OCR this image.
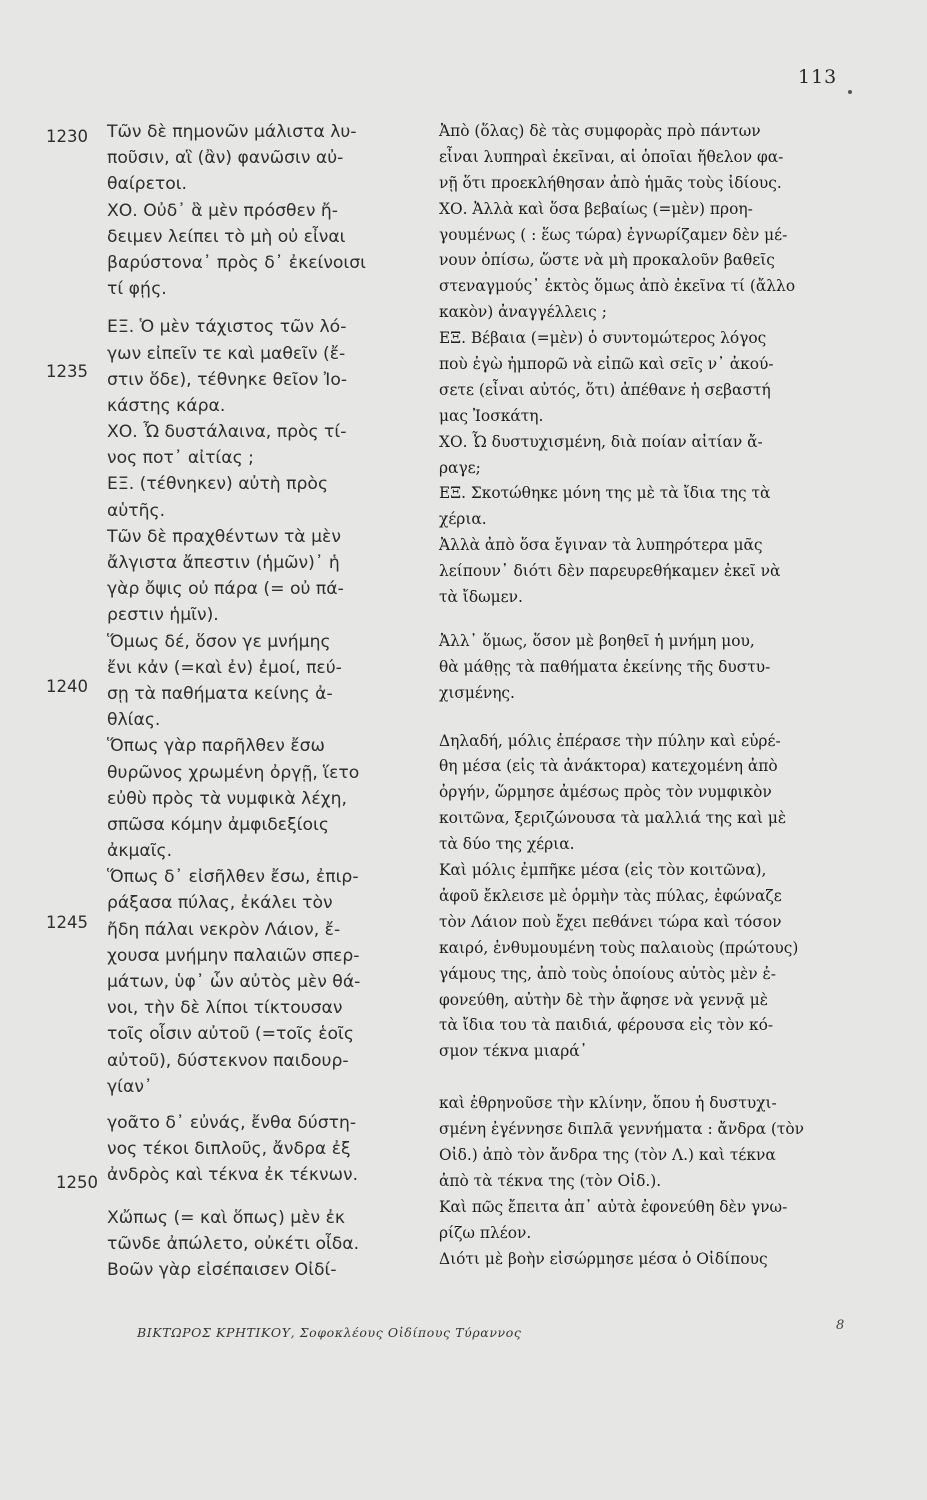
113
1230
1235
1240
1245
1250
Τῶν δὲ πημονῶν μάλιστα λυ-
ποῦσιν, αἳ (ἂν) φανῶσιν αὐ-
θαίρετοι.
ΧΟ. Οὐδ᾽ ἃ μὲν πρόσθεν ἤ-
δειμεν λείπει τὸ μὴ οὐ εἶναι
βαρύστονα᾽ πρὸς δ᾽ ἐκείνοισι
τί φῄς.
ΕΞ. Ὁ μὲν τάχιστος τῶν λό-
γων εἰπεῖν τε καὶ μαθεῖν (ἔ-
στιν ὅδε), τέθνηκε θεῖον Ἰο-
κάστης κάρα.
ΧΟ. Ὦ δυστάλαινα, πρὸς τί-
νος ποτ᾽ αἰτίας ;
ΕΞ. (τέθνηκεν) αὐτὴ πρὸς
αὑτῆς.
Τῶν δὲ πραχθέντων τὰ μὲν
ἄλγιστα ἄπεστιν (ἡμῶν)᾽ ἡ
γὰρ ὄψις οὐ πάρα (= οὐ πά-
ρεστιν ἡμῖν).
Ὅμως δέ, ὅσον γε μνήμης
ἔνι κἀν (=καὶ ἐν) ἐμοί, πεύ-
σῃ τὰ παθήματα κείνης ἀ-
θλίας.
Ὅπως γὰρ παρῆλθεν ἔσω
θυρῶνος χρωμένη ὀργῇ, ἵετο
εὐθὺ πρὸς τὰ νυμφικὰ λέχη,
σπῶσα κόμην ἀμφιδεξίοις
ἀκμαῖς.
Ὅπως δ᾽ εἰσῆλθεν ἔσω, ἐπιρ-
ράξασα πύλας, ἐκάλει τὸν
ἤδη πάλαι νεκρὸν Λάιον, ἔ-
χουσα μνήμην παλαιῶν σπερ-
μάτων, ὑφ᾽ ὧν αὐτὸς μὲν θά-
νοι, τὴν δὲ λίποι τίκτουσαν
τοῖς οἷσιν αὐτοῦ (=τοῖς ἑοῖς
αὐτοῦ), δύστεκνον παιδουρ-
γίαν᾽
γοᾶτο δ᾽ εὐνάς, ἔνθα δύστη-
νος τέκοι διπλοῦς, ἄνδρα ἐξ
ἀνδρὸς καὶ τέκνα ἐκ τέκνων.
Χὤπως (= καὶ ὅπως) μὲν ἐκ
τῶνδε ἀπώλετο, οὐκέτι οἶδα.
Βοῶν γὰρ εἰσέπαισεν Οἰδί-
Ἀπὸ (ὅλας) δὲ τὰς συμφορὰς πρὸ πάντων
εἶναι λυπηραὶ ἐκεῖναι, αἱ ὁποῖαι ἤθελον φα-
νῇ ὅτι προεκλήθησαν ἀπὸ ἡμᾶς τοὺς ἰδίους.
ΧΟ. Ἀλλὰ καὶ ὅσα βεβαίως (=μὲν) προη-
γουμένως ( : ἕως τώρα) ἐγνωρίζαμεν δὲν μέ-
νουν ὀπίσω, ὥστε νὰ μὴ προκαλοῦν βαθεῖς
στεναγμούς᾽ ἐκτὸς ὅμως ἀπὸ ἐκεῖνα τί (ἄλλο
κακὸν) ἀναγγέλλεις ;
ΕΞ. Βέβαια (=μὲν) ὁ συντομώτερος λόγος
ποὺ ἐγὼ ἠμπορῶ νὰ εἰπῶ καὶ σεῖς ν᾽ ἀκού-
σετε (εἶναι αὐτός, ὅτι) ἀπέθανε ἡ σεβαστή
μας Ἰοσκάτη.
ΧΟ. Ὦ δυστυχισμένη, διὰ ποίαν αἰτίαν ἄ-
ραγε;
ΕΞ. Σκοτώθηκε μόνη της μὲ τὰ ἴδια της τὰ
χέρια.
Ἀλλὰ ἀπὸ ὅσα ἔγιναν τὰ λυπηρότερα μᾶς
λείπουν᾽ διότι δὲν παρευρεθήκαμεν ἐκεῖ νὰ
τὰ ἴδωμεν.
Ἀλλ᾽ ὅμως, ὅσον μὲ βοηθεῖ ἡ μνήμη μου,
θὰ μάθῃς τὰ παθήματα ἐκείνης τῆς δυστυ-
χισμένης.
Δηλαδή, μόλις ἐπέρασε τὴν πύλην καὶ εὑρέ-
θη μέσα (εἰς τὰ ἀνάκτορα) κατεχομένη ἀπὸ
ὀργήν, ὥρμησε ἀμέσως πρὸς τὸν νυμφικὸν
κοιτῶνα, ξεριζώνουσα τὰ μαλλιά της καὶ μὲ
τὰ δύο της χέρια.
Καὶ μόλις ἐμπῆκε μέσα (εἰς τὸν κοιτῶνα),
ἀφοῦ ἔκλεισε μὲ ὁρμὴν τὰς πύλας, ἐφώναζε
τὸν Λάιον ποὺ ἔχει πεθάνει τώρα καὶ τόσον
καιρό, ἐνθυμουμένη τοὺς παλαιοὺς (πρώτους)
γάμους της, ἀπὸ τοὺς ὁποίους αὐτὸς μὲν ἐ-
φονεύθη, αὐτὴν δὲ τὴν ἄφησε νὰ γεννᾷ μὲ
τὰ ἴδια του τὰ παιδιά, φέρουσα εἰς τὸν κό-
σμον τέκνα μιαρά᾽
καὶ ἐθρηνοῦσε τὴν κλίνην, ὅπου ἡ δυστυχι-
σμένη ἐγέννησε διπλᾶ γεννήματα : ἄνδρα (τὸν
Οἰδ.) ἀπὸ τὸν ἄνδρα της (τὸν Λ.) καὶ τέκνα
ἀπὸ τὰ τέκνα της (τὸν Οἰδ.).
Καὶ πῶς ἔπειτα ἀπ᾽ αὐτὰ ἐφονεύθη δὲν γνω-
ρίζω πλέον.
Διότι μὲ βοὴν εἰσώρμησε μέσα ὁ Οἰδίπους
ΒΙΚΤΩΡΟΣ ΚΡΗΤΙΚΟΥ, Σοφοκλέους Οἰδίπους Τύραννος	8
